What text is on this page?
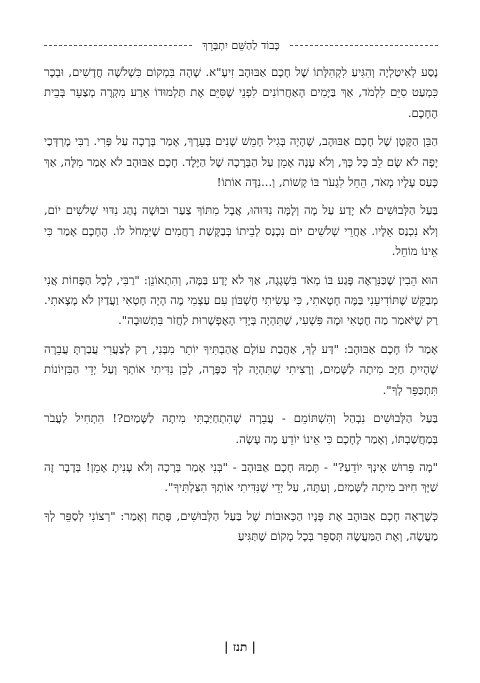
כָּבוֹד לַהַשֵּׁם יִתְבָּרֵךְ

נָסַע לְאִיטַלְיָה וְהִגִּיעַ לִקְהִלָּתוֹ שֶׁל חָכָם אַבּוּהָב זִיעָ"א. שָׁהָה בִּמְקוֹם כִּשְׁלֹשָׁה חֳדָשִׁים, וּבְכָר כִּמְעַט סִיֵּם לִלְמֹד, אַךְ בַּיָּמִים הָאַחֲרוֹנִים לִפְנֵי שֶׁסִּיֵּם אֶת תַּלְמוּדוֹ אֵרַע מִקְרֶה מְצַעֵר בְּבֵית הֶחָכָם.

הַבֵּן הַקָּטָן שֶׁל חָכָם אַבּוּהָב, שֶׁהָיָה בְּגִיל חָמֵשׁ שָׁנִים בְּעֵרֶךְ, אָמַר בְּרָכָה עַל פְּרִי. רַבִּי מָרְדְּכַי יָפָה לֹא שָׂם לֵב כָּל כָּךְ, וְלֹא עָנָה אָמֵן עַל הַבְּרָכָה שֶׁל הַיֶּלֶד. חָכָם אַבּוּהָב לֹא אָמַר מִלָּה, אַךְ כָּעַס עָלָיו מְאֹד, הֵחֵל לִגְעֹר בּוֹ קָשׁוֹת, וְ...נִדָּה אוֹתוֹ!

בַּעַל הַלְּבוּשִׁים לֹא יָדַע עַל מָה וְלָמָּה נִדּוּהוּ, אֲבָל מִתּוֹךְ צַעַר וּבוּשָׁה נָהַג נִדּוּי שְׁלֹשִׁים יוֹם, וְלֹא נִכְנַס אֵלָיו. אַחֲרֵי שְׁלֹשִׁים יוֹם נִכְנַס לְבֵיתוֹ בְּבַקָּשַׁת רַחֲמִים שֶׁיִּמְחֹל לוֹ. הֶחָכָם אָמַר כִּי אֵינוֹ מוֹחֵל.

הוּא הֵבִין שֶׁכַּנִּרְאֶה פָּגַע בּוֹ מְאֹד בִּשְׁגָגָה, אַךְ לֹא יָדַע בַּמֶּה, וְהִתְאוֹנֵן: "רַבִּי, לְכָל הַפָּחוֹת אֲנִי מְבַקֵּשׁ שֶׁתּוֹדִיעֵנִי בַּמֶּה חָטָאתִי, כִּי עָשִׂיתִי חֶשְׁבּוֹן עִם עַצְמִי מֶה הָיָה חֶטְאִי וַעֲדַיִן לֹא מָצָאתִי. רַק שֶׁיֹּאמַר מַה חֶטְאִי וּמֶה פִּשְׁעִי, שֶׁתִּהְיֶה בְּיָדִי הָאֶפְשָׁרוּת לַחֲזֹר בִּתְשׁוּבָה".

אָמַר לוֹ חָכָם אַבּוּהָב: "דַּע לְךָ, אַהֲבַת עוֹלָם אֲהַבְתִּיךָ יוֹתֵר מִבְּנִי, רַק לְצַעֲרִי עֲבַרְתָּ עֲבֵרָה שֶׁהָיִיתָ חַיָּב מִיתָה לַשָּׁמַיִם, וְרָצִיתִי שֶׁתִּהְיֶה לְךָ כַּפָּרָה, לָכֵן נִדִּיתִי אוֹתְךָ וְעַל יְדֵי הַבִּזְיוֹנוֹת תִּתְכַּפֵּר לְךָ".

בַּעַל הַלְּבוּשִׁים נִבְהַל וְהִשְׁתּוֹמֵם - עֲבֵרָה שֶׁהִתְחַיַּבְתִּי מִיתָה לַשָּׁמַיִם?! הִתְחִיל לַעֲבֹר בְּמַחֲשַׁבְתּוֹ, וְאָמַר לֶחָכָם כִּי אֵינוֹ יוֹדֵעַ מָה עָשָׂה.

"מָה פֵּרוּשׁ אֵינְךָ יוֹדֵעַ?" - תָּמַהּ חָכָם אַבּוּהָב - "בְּנִי אָמַר בְּרָכָה וְלֹא עָנִיתָ אָמֵן! בְּדָבָר זֶה שַׁיָּךְ חִיּוּב מִיתָה לַשָּׁמַיִם, וְעַתָּה, עַל יְדֵי שֶׁנִּדִּיתִי אוֹתְךָ הִצַּלְתִּיךָ".

כְּשֶׁרָאָה חָכָם אַבּוּהָב אֶת פָּנָיו הַכְּאוּבוֹת שֶׁל בַּעַל הַלְּבוּשִׁים, פָּתַח וְאָמַר: "רְצוֹנִי לְסַפֵּר לְךָ מַעֲשֶׂה, וְאֶת הַמַּעֲשֶׂה תְּסַפֵּר בְּכָל מָקוֹם שֶׁתַּגִּיעַ

| תנז |
